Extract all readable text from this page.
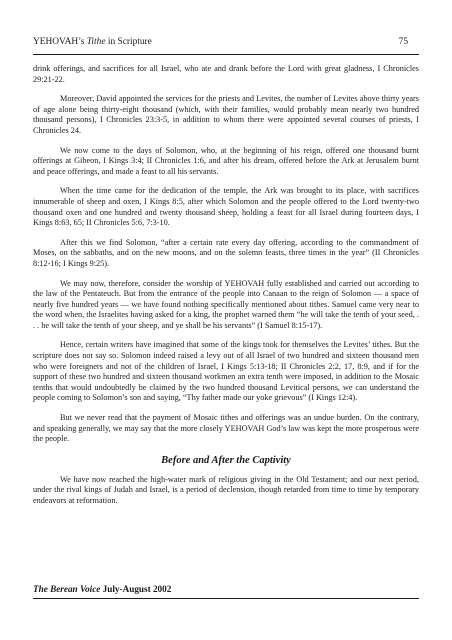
YEHOVAH’s Tithe in Scripture	75

drink offerings, and sacrifices for all Israel, who ate and drank before the Lord with great gladness, I Chronicles 29:21-22.

Moreover, David appointed the services for the priests and Levites, the number of Levites above thirty years of age alone being thirty-eight thousand (which, with their families, would probably mean nearly two hundred thousand persons), I Chronicles 23:3-5, in addition to whom there were appointed several courses of priests, I Chronicles 24.

We now come to the days of Solomon, who, at the beginning of his reign, offered one thousand burnt offerings at Gibeon, I Kings 3:4; II Chronicles 1:6, and after his dream, offered before the Ark at Jerusalem burnt and peace offerings, and made a feast to all his servants.

When the time came for the dedication of the temple, the Ark was brought to its place, with sacrifices innumerable of sheep and oxen, I Kings 8:5, after which Solomon and the people offered to the Lord twenty-two thousand oxen and one hundred and twenty thousand sheep, holding a feast for all Israel during fourteen days, I Kings 8:63, 65; II Chronicles 5:6, 7:3-10.

After this we find Solomon, “after a certain rate every day offering, according to the commandment of Moses, on the sabbaths, and on the new moons, and on the solemn feasts, three times in the year” (II Chronicles 8:12-16; I Kings 9:25).

We may now, therefore, consider the worship of YEHOVAH fully established and carried out according to the law of the Pentateuch. But from the entrance of the people into Canaan to the reign of Solomon — a space of nearly five hundred years — we have found nothing specifically mentioned about tithes. Samuel came very near to the word when, the Israelites having asked for a king, the prophet warned them “he will take the tenth of your seed, . . . he will take the tenth of your sheep, and ye shall be his servants” (I Samuel 8:15-17).

Hence, certain writers have imagined that some of the kings took for themselves the Levites’ tithes. But the scripture does not say so. Solomon indeed raised a levy out of all Israel of two hundred and sixteen thousand men who were foreigners and not of the children of Israel, I Kings 5:13-18; II Chronicles 2:2, 17, 8:9, and if for the support of these two hundred and sixteen thousand workmen an extra tenth were imposed, in addition to the Mosaic tenths that would undoubtedly be claimed by the two hundred thousand Levitical persons, we can understand the people coming to Solomon’s son and saying, “Thy father made our yoke grievous” (I Kings 12:4).

But we never read that the payment of Mosaic tithes and offerings was an undue burden. On the contrary, and speaking generally, we may say that the more closely YEHOVAH God’s law was kept the more prosperous were the people.

Before and After the Captivity

We have now reached the high-water mark of religious giving in the Old Testament; and our next period, under the rival kings of Judah and Israel, is a period of declension, though retarded from time to time by temporary endeavors at reformation.

The Berean Voice July-August 2002
